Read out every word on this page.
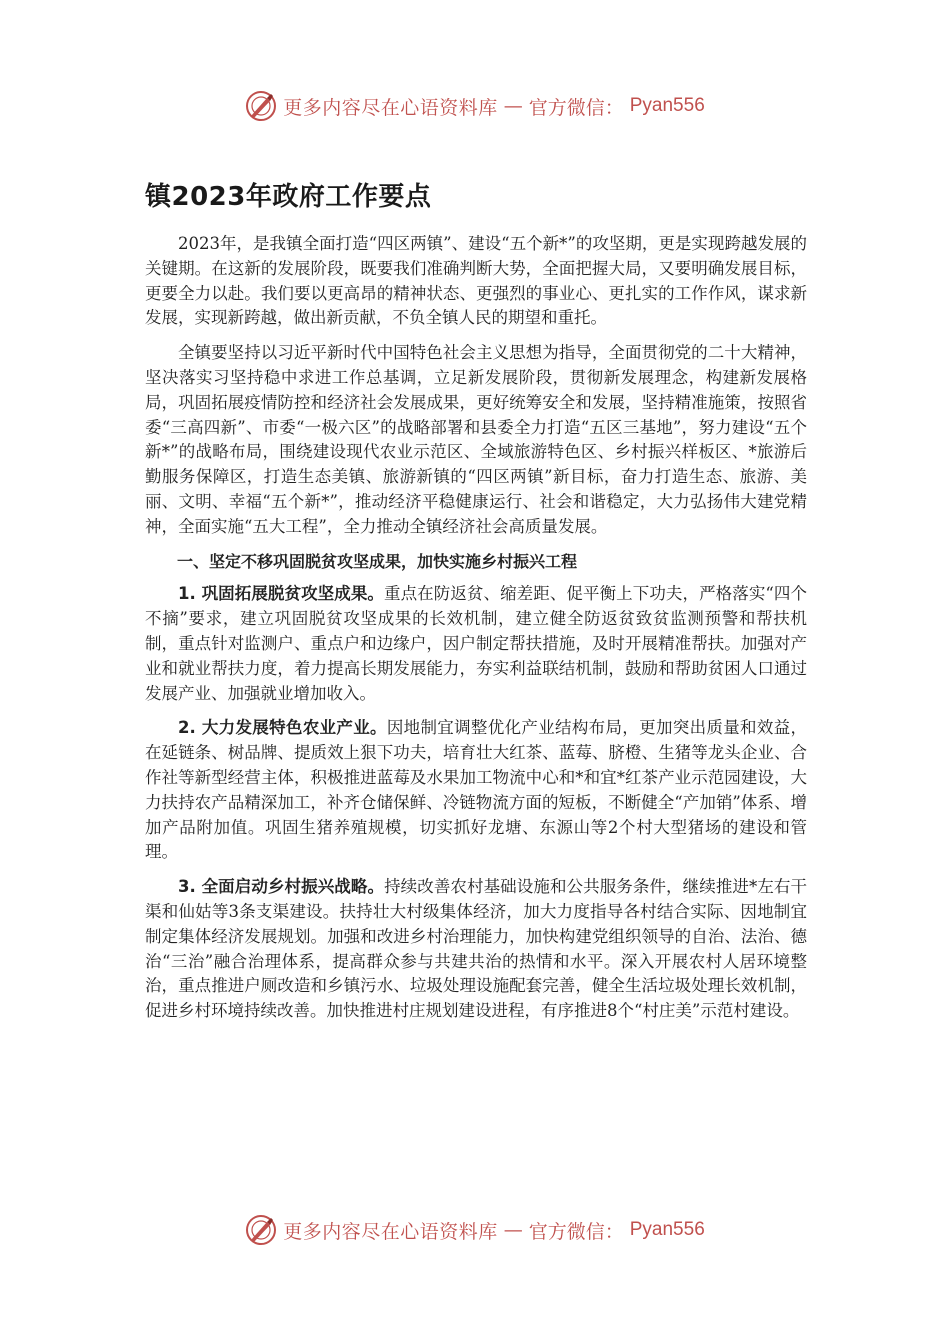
更多内容尽在心语资料库 — 官方微信： Pyan556
镇2023年政府工作要点

2023年，是我镇全面打造“四区两镇”、建设“五个新*”的攻坚期，更是实现跨越发展的关键期。在这新的发展阶段，既要我们准确判断大势，全面把握大局，又要明确发展目标，更要全力以赴。我们要以更高昂的精神状态、更强烈的事业心、更扎实的工作作风，谋求新发展，实现新跨越，做出新贡献，不负全镇人民的期望和重托。

全镇要坚持以习近平新时代中国特色社会主义思想为指导，全面贯彻党的二十大精神，坚决落实习坚持稳中求进工作总基调，立足新发展阶段，贯彻新发展理念，构建新发展格局，巩固拓展疫情防控和经济社会发展成果，更好统筹安全和发展，坚持精准施策，按照省委“三高四新”、市委“一极六区”的战略部署和县委全力打造“五区三基地”，努力建设“五个新*”的战略布局，围绕建设现代农业示范区、全域旅游特色区、乡村振兴样板区、*旅游后勤服务保障区，打造生态美镇、旅游新镇的“四区两镇”新目标，奋力打造生态、旅游、美丽、文明、幸福“五个新*”，推动经济平稳健康运行、社会和谐稳定，大力弘扬伟大建党精神，全面实施“五大工程”，全力推动全镇经济社会高质量发展。

一、坚定不移巩固脱贫攻坚成果，加快实施乡村振兴工程

1. 巩固拓展脱贫攻坚成果。重点在防返贫、缩差距、促平衡上下功夫，严格落实“四个不摘”要求，建立巩固脱贫攻坚成果的长效机制，建立健全防返贫致贫监测预警和帮扶机制，重点针对监测户、重点户和边缘户，因户制定帮扶措施，及时开展精准帮扶。加强对产业和就业帮扶力度，着力提高长期发展能力，夯实利益联结机制，鼓励和帮助贫困人口通过发展产业、加强就业增加收入。

2. 大力发展特色农业产业。因地制宜调整优化产业结构布局，更加突出质量和效益，在延链条、树品牌、提质效上狠下功夫，培育壮大红茶、蓝莓、脐橙、生猪等龙头企业、合作社等新型经营主体，积极推进蓝莓及水果加工物流中心和*和宜*红茶产业示范园建设，大力扶持农产品精深加工，补齐仓储保鲜、冷链物流方面的短板，不断健全“产加销”体系、增加产品附加值。巩固生猪养殖规模，切实抓好龙塘、东源山等2个村大型猪场的建设和管理。

3. 全面启动乡村振兴战略。持续改善农村基础设施和公共服务条件，继续推进*左右干渠和仙姑等3条支渠建设。扶持壮大村级集体经济，加大力度指导各村结合实际、因地制宜制定集体经济发展规划。加强和改进乡村治理能力，加快构建党组织领导的自治、法治、德治“三治”融合治理体系，提高群众参与共建共治的热情和水平。深入开展农村人居环境整治，重点推进户厕改造和乡镇污水、垃圾处理设施配套完善，健全生活垃圾处理长效机制，促进乡村环境持续改善。加快推进村庄规划建设进程，有序推进8个“村庄美”示范村建设。

更多内容尽在心语资料库 — 官方微信： Pyan556
